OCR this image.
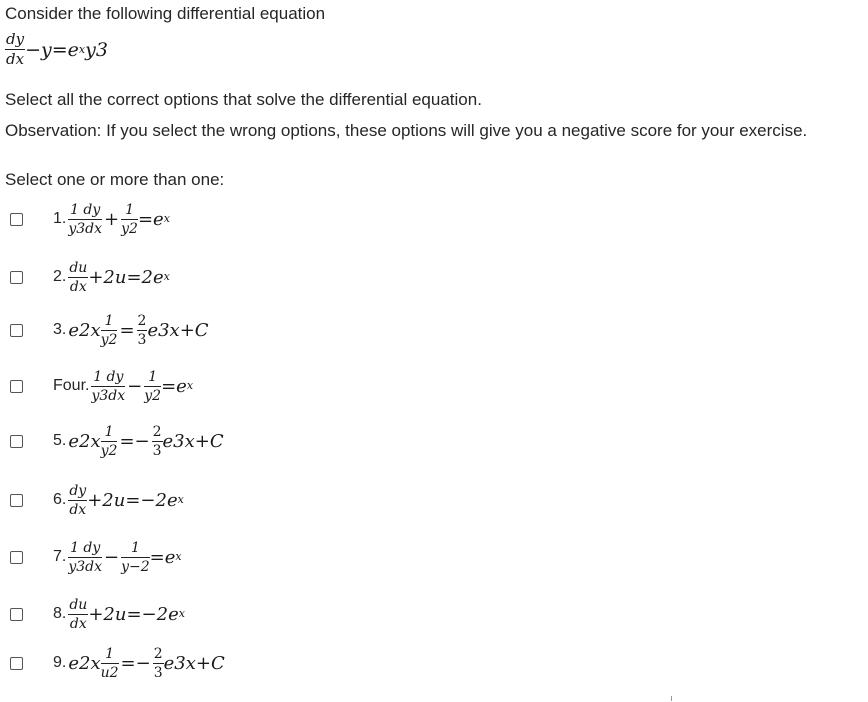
Consider the following differential equation
$\frac{dy}{dx} -y=e$ x y3
Select all the correct options that solve the differential equation.
Observation: If you select the wrong options, these options will give you a negative score for your exercise.
Select one or more than one:
1. $\frac{1 dy}{y3dx} + \frac{1}{y2} =e$ x
2. $\frac{du}{dx} +2u=2e$ x
3. $e2x \frac{1}{y2} = \frac{2}{3} e3x+C$
Four. $\frac{1 dy}{y3dx} - \frac{1}{y2} =e$ x
5. $e2x \frac{1}{y2} =- \frac{2}{3} e3x+C$
6. $\frac{dy}{dx} +2u=-2e$ x
7. $\frac{1 dy}{y3dx} - \frac{1}{y-2} =e$ x
8. $\frac{du}{dx} +2u=-2e$ x
9. $e2x \frac{1}{u2} =- \frac{2}{3} e3x+C$
